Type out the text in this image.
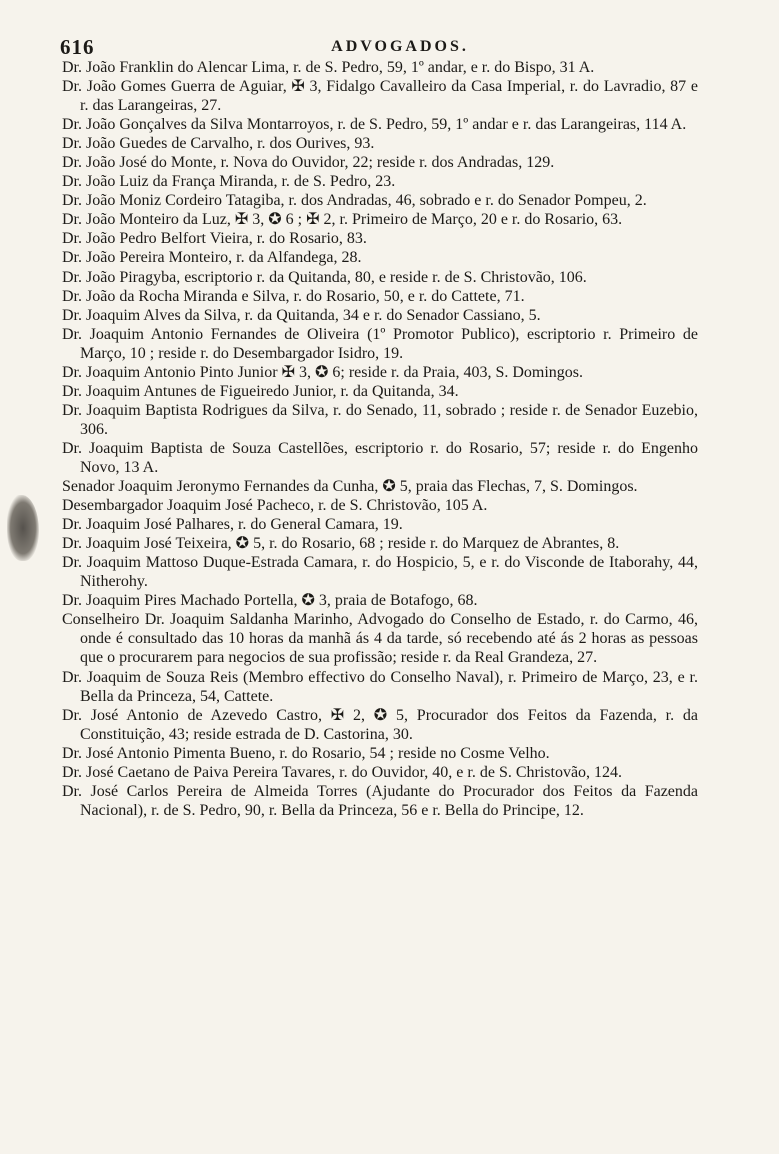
616	ADVOGADOS.

Dr. João Franklin do Alencar Lima, r. de S. Pedro, 59, 1º andar, e r. do Bispo, 31 A.

Dr. João Gomes Guerra de Aguiar, ✠ 3, Fidalgo Cavalleiro da Casa Imperial, r. do Lavradio, 87 e r. das Larangeiras, 27.

Dr. João Gonçalves da Silva Montarroyos, r. de S. Pedro, 59, 1º andar e r. das Larangeiras, 114 A.

Dr. João Guedes de Carvalho, r. dos Ourives, 93.

Dr. João José do Monte, r. Nova do Ouvidor, 22; reside r. dos Andradas, 129.

Dr. João Luiz da França Miranda, r. de S. Pedro, 23.

Dr. João Moniz Cordeiro Tatagiba, r. dos Andradas, 46, sobrado e r. do Senador Pompeu, 2.

Dr. João Monteiro da Luz, ✠ 3, ✪ 6 ; ✠ 2, r. Primeiro de Março, 20 e r. do Rosario, 63.

Dr. João Pedro Belfort Vieira, r. do Rosario, 83.

Dr. João Pereira Monteiro, r. da Alfandega, 28.

Dr. João Piragyba, escriptorio r. da Quitanda, 80, e reside r. de S. Christovão, 106.

Dr. João da Rocha Miranda e Silva, r. do Rosario, 50, e r. do Cattete, 71.

Dr. Joaquim Alves da Silva, r. da Quitanda, 34 e r. do Senador Cassiano, 5.

Dr. Joaquim Antonio Fernandes de Oliveira (1º Promotor Publico), escriptorio r. Primeiro de Março, 10 ; reside r. do Desembargador Isidro, 19.

Dr. Joaquim Antonio Pinto Junior ✠ 3, ✪ 6; reside r. da Praia, 403, S. Domingos.

Dr. Joaquim Antunes de Figueiredo Junior, r. da Quitanda, 34.

Dr. Joaquim Baptista Rodrigues da Silva, r. do Senado, 11, sobrado ; reside r. de Senador Euzebio, 306.

Dr. Joaquim Baptista de Souza Castellões, escriptorio r. do Rosario, 57; reside r. do Engenho Novo, 13 A.

Senador Joaquim Jeronymo Fernandes da Cunha, ✪ 5, praia das Flechas, 7, S. Domingos.

Desembargador Joaquim José Pacheco, r. de S. Christovão, 105 A.

Dr. Joaquim José Palhares, r. do General Camara, 19.

Dr. Joaquim José Teixeira, ✪ 5, r. do Rosario, 68 ; reside r. do Marquez de Abrantes, 8.

Dr. Joaquim Mattoso Duque-Estrada Camara, r. do Hospicio, 5, e r. do Visconde de Itaborahy, 44, Nitherohy.

Dr. Joaquim Pires Machado Portella, ✪ 3, praia de Botafogo, 68.

Conselheiro Dr. Joaquim Saldanha Marinho, Advogado do Conselho de Estado, r. do Carmo, 46, onde é consultado das 10 horas da manhã ás 4 da tarde, só recebendo até ás 2 horas as pessoas que o procurarem para negocios de sua profissão; reside r. da Real Grandeza, 27.

Dr. Joaquim de Souza Reis (Membro effectivo do Conselho Naval), r. Primeiro de Março, 23, e r. Bella da Princeza, 54, Cattete.

Dr. José Antonio de Azevedo Castro, ✠ 2, ✪ 5, Procurador dos Feitos da Fazenda, r. da Constituição, 43; reside estrada de D. Castorina, 30.

Dr. José Antonio Pimenta Bueno, r. do Rosario, 54 ; reside no Cosme Velho.

Dr. José Caetano de Paiva Pereira Tavares, r. do Ouvidor, 40, e r. de S. Christovão, 124.

Dr. José Carlos Pereira de Almeida Torres (Ajudante do Procurador dos Feitos da Fazenda Nacional), r. de S. Pedro, 90, r. Bella da Princeza, 56 e r. Bella do Principe, 12.
